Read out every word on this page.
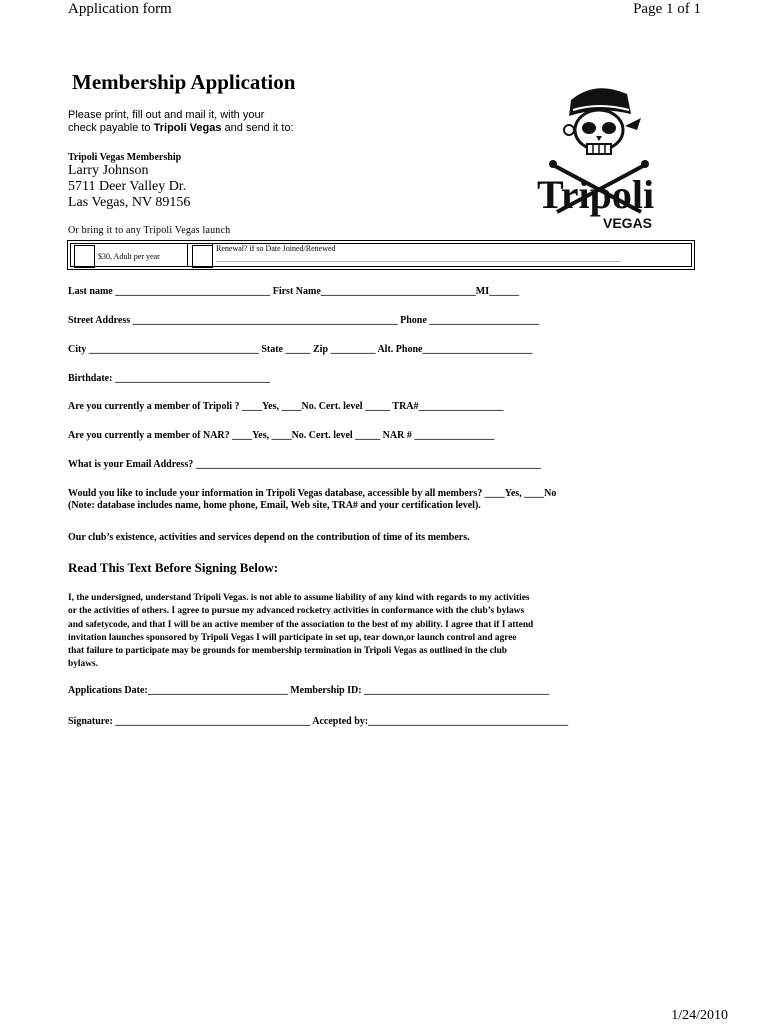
Application form	Page 1 of 1
Membership Application
Please print, fill out and mail it, with your
check payable to Tripoli Vegas and send it to:
Tripoli Vegas Membership
Larry Johnson
5711 Deer Valley Dr.
Las Vegas, NV 89156
Or bring it to any Tripoli Vegas launch
$30, Adult per year
Renewal? if so Date Joined/Renewed
Tripoli
VEGAS
Last name _______________________________ First Name_______________________________MI______
Street Address _____________________________________________________ Phone ______________________
City __________________________________ State _____ Zip _________ Alt. Phone______________________
Birthdate: _______________________________
Are you currently a member of Tripoli ? ____Yes, ____No. Cert. level _____ TRA#_________________
Are you currently a member of NAR? ____Yes, ____No. Cert. level _____ NAR # ________________
What is your Email Address? _____________________________________________________________________
Would you like to include your information in Tripoli Vegas database, accessible by all members? ____Yes, ____No
(Note: database includes name, home phone, Email, Web site, TRA# and your certification level).
Our club’s existence, activities and services depend on the contribution of time of its members.
Read This Text Before Signing Below:
I, the undersigned, understand Tripoli Vegas. is not able to assume liability of any kind with regards to my activities
or the activities of others. I agree to pursue my advanced rocketry activities in conformance with the club’s bylaws
and safetycode, and that I will be an active member of the association to the best of my ability. I agree that if I attend
invitation launches sponsored by Tripoli Vegas I will participate in set up, tear down,or launch control and agree
that failure to participate may be grounds for membership termination in Tripoli Vegas as outlined in the club
bylaws.
Applications Date:____________________________ Membership ID: _____________________________________
Signature: _______________________________________ Accepted by:________________________________________
1/24/2010
